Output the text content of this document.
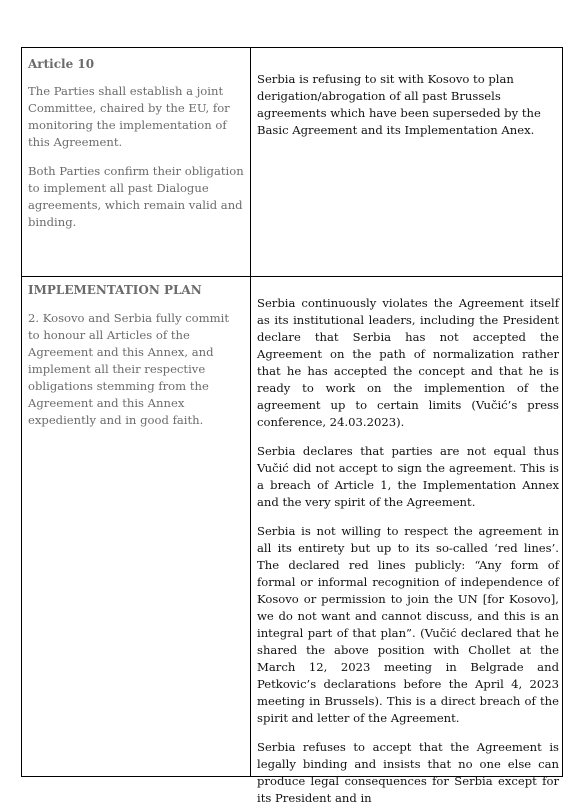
Article 10

The Parties shall establish a joint Committee, chaired by the EU, for monitoring the implementation of this Agreement.

Both Parties confirm their obligation to implement all past Dialogue agreements, which remain valid and binding.

Serbia is refusing to sit with Kosovo to plan derigation/abrogation of all past Brussels agreements which have been superseded by the Basic Agreement and its Implementation Anex.

IMPLEMENTATION PLAN

2. Kosovo and Serbia fully commit to honour all Articles of the Agreement and this Annex, and implement all their respective obligations stemming from the Agreement and this Annex expediently and in good faith.

Serbia continuously violates the Agreement itself as its institutional leaders, including the President declare that Serbia has not accepted the Agreement on the path of normalization rather that he has accepted the concept and that he is ready to work on the implemention of the agreement up to certain limits (Vučić’s press conference, 24.03.2023).

Serbia declares that parties are not equal thus Vučić did not accept to sign the agreement. This is a breach of Article 1, the Implementation Annex and the very spirit of the Agreement.

Serbia is not willing to respect the agreement in all its entirety but up to its so-called ‘red lines’. The declared red lines publicly: “Any form of formal or informal recognition of independence of Kosovo or permission to join the UN [for Kosovo], we do not want and cannot discuss, and this is an integral part of that plan”. (Vučić declared that he shared the above position with Chollet at the March 12, 2023 meeting in Belgrade and Petkovic’s declarations before the April 4, 2023 meeting in Brussels). This is a direct breach of the spirit and letter of the Agreement.

Serbia refuses to accept that the Agreement is legally binding and insists that no one else can produce legal consequences for Serbia except for its President and in
